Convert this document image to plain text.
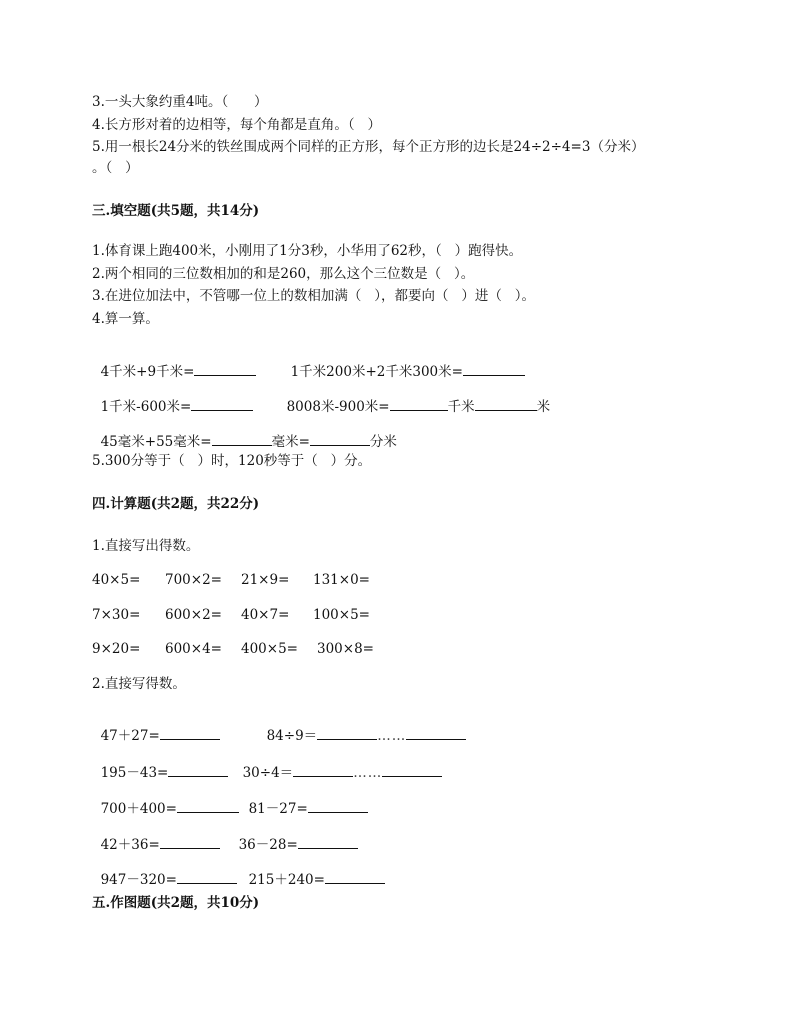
3.一头大象约重4吨。（      ）
4.长方形对着的边相等，每个角都是直角。（   ）
5.用一根长24分米的铁丝围成两个同样的正方形，每个正方形的边长是24÷2÷4=3（分米）
。（   ）
三.填空题(共5题，共14分)
1.体育课上跑400米，小刚用了1分3秒，小华用了62秒，（   ）跑得快。
2.两个相同的三位数相加的和是260，那么这个三位数是（   ）。
3.在进位加法中，不管哪一位上的数相加满（   ），都要向（   ）进（   ）。
4.算一算。

4千米+9千米=	1千米200米+2千米300米=

1千米-600米=	8008米-900米=	千米	米

45毫米+55毫米=	毫米=	分米

5.300分等于（   ）时，120秒等于（   ）分。
四.计算题(共2题，共22分)
1.直接写出得数。
40×5= 700×2= 21×9= 131×0=
7×30= 600×2= 40×7= 100×5=
9×20= 600×4= 400×5= 300×8=
2.直接写得数。

47＋27=	84÷9＝	……

195－43=	30÷4＝	……

700＋400=	81－27=

42＋36=	36－28=

947－320=	215＋240=

五.作图题(共2题，共10分)
